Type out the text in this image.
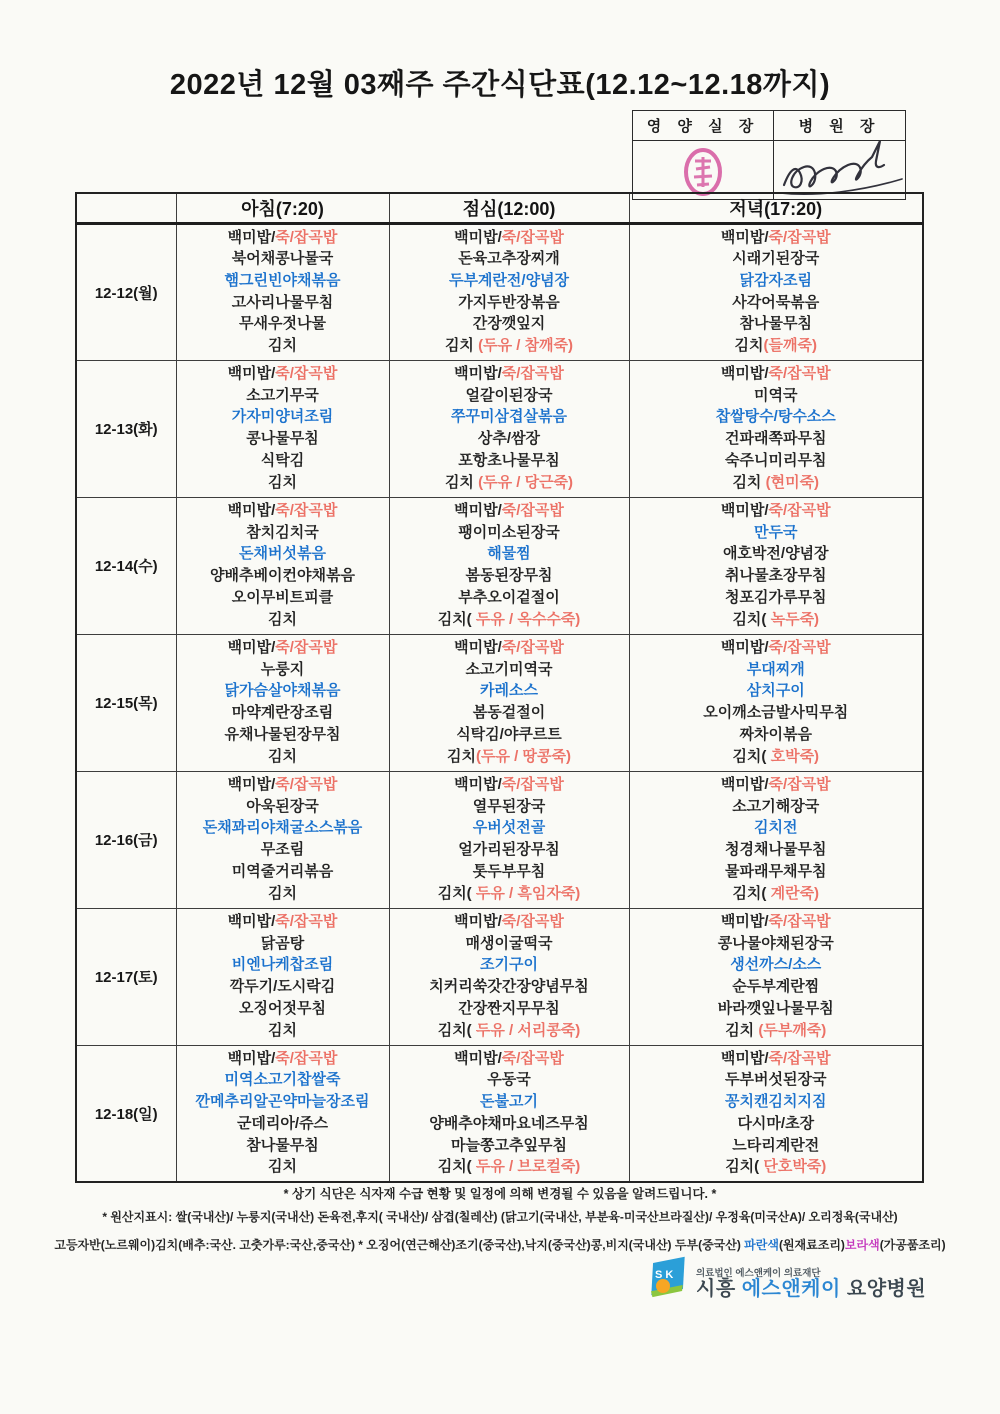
2022년 12월 03째주 주간식단표(12.12~12.18까지)
영 양 실 장	병 원 장

	아침(7:20)	점심(12:00)	저녁(17:20)
12-12(월)	
백미밥/죽/잡곡밥
북어채콩나물국
햄그린빈야채볶음
고사리나물무침
무새우젓나물
김치

백미밥/죽/잡곡밥
돈육고추장찌개
두부계란전/양념장
가지두반장볶음
간장깻잎지
김치 (두유 / 참깨죽)

백미밥/죽/잡곡밥
시래기된장국
닭감자조림
사각어묵볶음
참나물무침
김치(들깨죽)

12-13(화)	
백미밥/죽/잡곡밥
소고기무국
가자미양녀조림
콩나물무침
식탁김
김치

백미밥/죽/잡곡밥
얼갈이된장국
쭈꾸미삼겹살볶음
상추/쌈장
포항초나물무침
김치 (두유 / 당근죽)

백미밥/죽/잡곡밥
미역국
찹쌀탕수/탕수소스
건파래쪽파무침
숙주니미리무침
김치 (현미죽)

12-14(수)	
백미밥/죽/잡곡밥
참치김치국
돈채버섯볶음
양배추베이컨야채볶음
오이무비트피클
김치

백미밥/죽/잡곡밥
팽이미소된장국
해물찜
봄동된장무침
부추오이겉절이
김치( 두유 / 옥수수죽)

백미밥/죽/잡곡밥
만두국
애호박전/양념장
취나물초장무침
청포김가루무침
김치( 녹두죽)

12-15(목)	
백미밥/죽/잡곡밥
누룽지
닭가슴살야채볶음
마약계란장조림
유채나물된장무침
김치

백미밥/죽/잡곡밥
소고기미역국
카레소스
봄동겉절이
식탁김/야쿠르트
김치(두유 / 땅콩죽)

백미밥/죽/잡곡밥
부대찌개
삼치구이
오이깨소금발사믹무침
짜차이볶음
김치( 호박죽)

12-16(금)	
백미밥/죽/잡곡밥
아욱된장국
돈채꽈리야채굴소스볶음
무조림
미역줄거리볶음
김치

백미밥/죽/잡곡밥
열무된장국
우버섯전골
얼가리된장무침
톳두부무침
김치( 두유 / 흑임자죽)

백미밥/죽/잡곡밥
소고기해장국
김치전
청경채나물무침
물파래무채무침
김치( 계란죽)

12-17(토)	
백미밥/죽/잡곡밥
닭곰탕
비엔나케찹조림
깍두기/도시락김
오징어젓무침
김치

백미밥/죽/잡곡밥
매생이굴떡국
조기구이
치커리쑥갓간장양념무침
간장짠지무무침
김치( 두유 / 서리콩죽)

백미밥/죽/잡곡밥
콩나물야채된장국
생선까스/소스
순두부계란찜
바라깻잎나물무침
김치 (두부깨죽)

12-18(일)	
백미밥/죽/잡곡밥
미역소고기찹쌀죽
깐메추리알곤약마늘장조림
군데리아/쥬스
참나물무침
김치

백미밥/죽/잡곡밥
우동국
돈불고기
양배추야채마요네즈무침
마늘쫑고추잎무침
김치( 두유 / 브로컬죽)

백미밥/죽/잡곡밥
두부버섯된장국
꽁치캔김치지짐
다시마/초장
느타리계란전
김치( 단호박죽)
* 상기 식단은 식자재 수급 현황 및 일정에 의해 변경될 수 있음을 알려드립니다. *
* 원산지표시: 쌀(국내산)/ 누룽지(국내산) 돈육전,후지( 국내산)/ 삼겹(칠레산) (닭고기(국내산, 부분육-미국산브라질산)/ 우정육(미국산A)/ 오리정육(국내산)
고등자반(노르웨이)김치(배추:국산. 고춧가루:국산,중국산) * 오징어(연근해산)조기(중국산),낙지(중국산)콩,비지(국내산) 두부(중국산) 파란색(원재료조리)보라색(가공품조리)
S K 의료법인 에스앤케이 의료재단
시흥 에스앤케이 요양병원
